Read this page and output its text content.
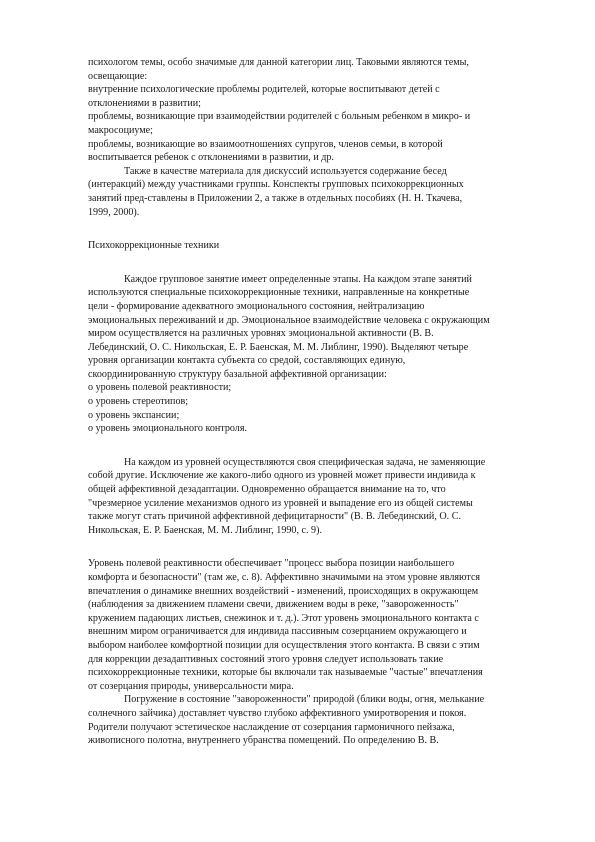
психологом темы, особо значимые для данной категории лиц. Таковыми являются темы,
освещающие:
внутренние психологические проблемы родителей, которые воспитывают детей с
отклонениями в развитии;
проблемы, возникающие при взаимодействии родителей с больным ребенком в микро- и
макросоциуме;
проблемы, возникающие во взаимоотношениях супругов, членов семьи, в которой
воспитывается ребенок с отклонениями в развитии, и др.

Также в качестве материала для дискуссий используется содержание бесед
(интеракций) между участниками группы. Конспекты групповых психокоррекционных
занятий пред-ставлены в Приложении 2, а также в отдельных пособиях (Н. Н. Ткачева,
1999, 2000).

Психокоррекционные техники

Каждое групповое занятие имеет определенные этапы. На каждом этапе занятий
используются специальные психокоррекционные техники, направленные на конкретные
цели - формирование адекватного эмоционального состояния, нейтрализацию
эмоциональных переживаний и др. Эмоциональное взаимодействие человека с окружающим
миром осуществляется на различных уровнях эмоциональной активности (В. В.
Лебединский, О. С. Никольская, Е. Р. Баенская, М. М. Либлинг, 1990). Выделяют четыре
уровня организации контакта субъекта со средой, составляющих единую,
скоординированную структуру базальной аффективной организации:

о уровень полевой реактивности;
о уровень стереотипов;
о уровень экспансии;
о уровень эмоционального контроля.

На каждом из уровней осуществляются своя специфическая задача, не заменяющие
собой другие. Исключение же какого-либо одного из уровней может привести индивида к
общей аффективной дезадаптации. Одновременно обращается внимание на то, что
"чрезмерное усиление механизмов одного из уровней и выпадение его из общей системы
также могут стать причиной аффективной дефицитарности" (В. В. Лебединский, О. С.
Никольская, Е. Р. Баенская, М. М. Либлинг, 1990, с. 9).

Уровень полевой реактивности обеспечивает "процесс выбора позиции наибольшего
комфорта и безопасности" (там же, с. 8). Аффективно значимыми на этом уровне являются
впечатления о динамике внешних воздействий - изменений, происходящих в окружающем
(наблюдения за движением пламени свечи, движением воды в реке, "завороженность"
кружением падающих листьев, снежинок и т. д.). Этот уровень эмоционального контакта с
внешним миром ограничивается для индивида пассивным созерцанием окружающего и
выбором наиболее комфортной позиции для осуществления этого контакта. В связи с этим
для коррекции дезадаптивных состояний этого уровня следует использовать такие
психокоррекционные техники, которые бы включали так называемые "частые" впечатления
от созерцания природы, универсальности мира.

Погружение в состояние "завороженности" природой (блики воды, огня, мелькание
солнечного зайчика) доставляет чувство глубоко аффективного умиротворения и покоя.
Родители получают эстетическое наслаждение от созерцания гармоничного пейзажа,
живописного полотна, внутреннего убранства помещений. По определению В. В.
